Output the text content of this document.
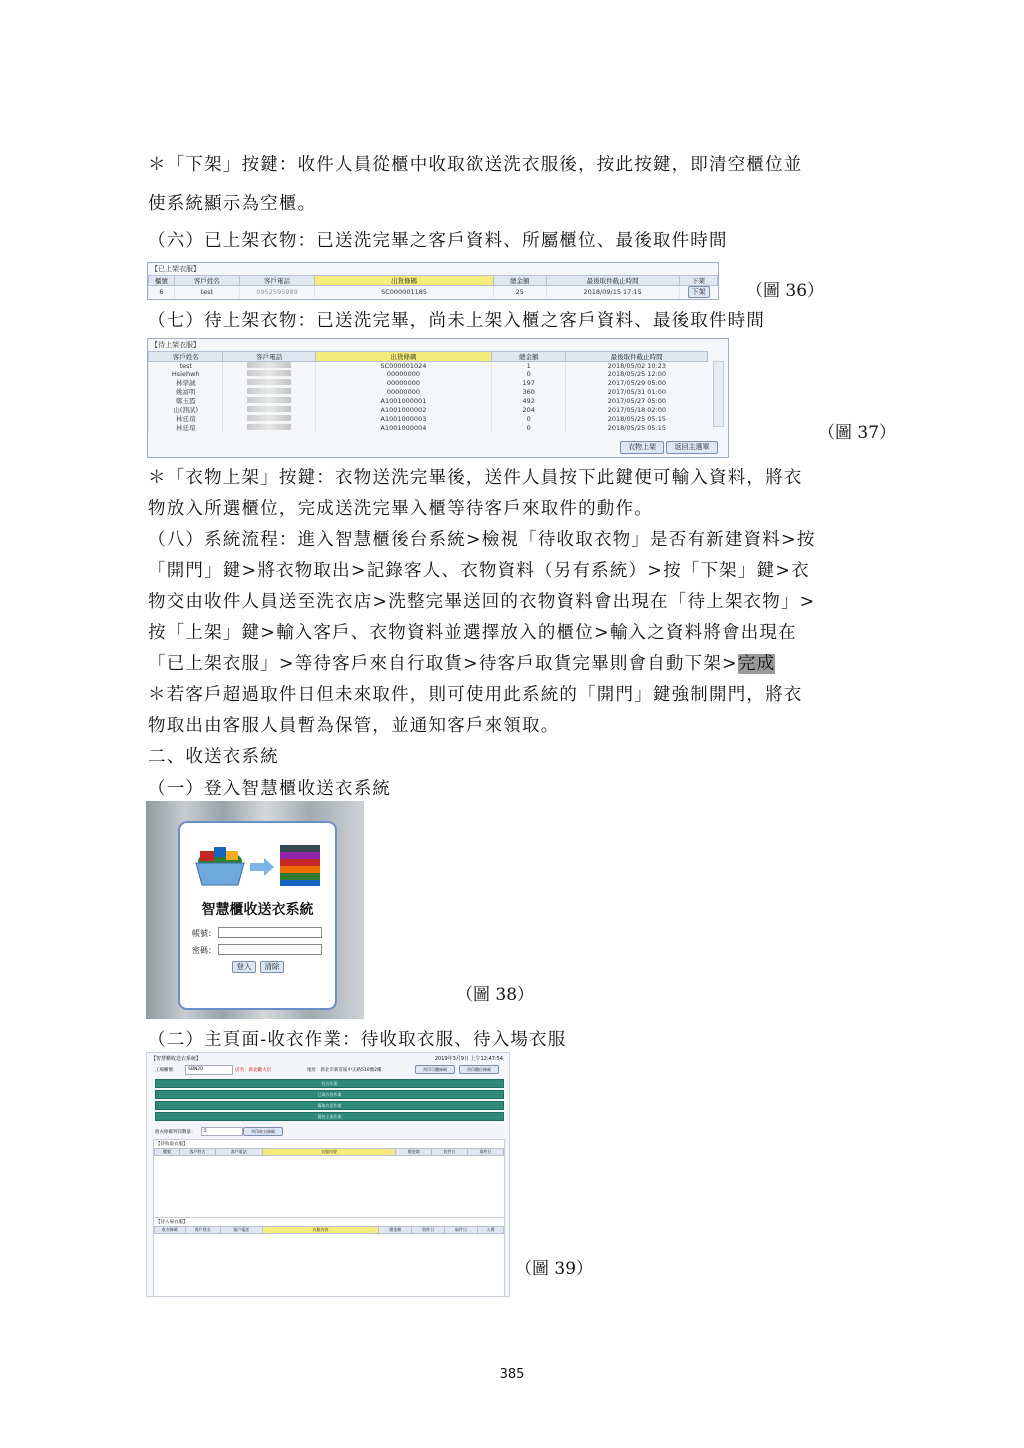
＊「下架」按鍵：收件人員從櫃中收取欲送洗衣服後，按此按鍵，即清空櫃位並
使系統顯示為空櫃。
（六）已上架衣物：已送洗完畢之客戶資料、所屬櫃位、最後取件時間
【已上架衣服】
櫃號	客戶姓名	客戶電話	出貨條碼	總金額	最後取件截止時間	下架
6	test	0952595989	SC000001185	25	2018/09/15 17:15	下架 （圖 36）
（七）待上架衣物：已送洗完畢，尚未上架入櫃之客戶資料、最後取件時間
【待上架衣服】
客戶姓名	客戶電話	出貨條碼	總金額	最後取件截止時間
test		SC000001024	1	2018/05/02 10:23
Hsiehwh		00000000	0	2018/05/25 12:00
林學誠		00000000	197	2017/05/29 05:00
姚富明		00000000	360	2017/05/31 01:00
鄭玉霞		A1001000001	492	2017/05/27 05:00
山(測試)		A1001000002	204	2017/05/18 02:00
林廷瑄		A1001000003	0	2018/05/25 05:15
林廷瑄		A1001000004	0	2018/05/25 05:15
衣物上架	返回主選單
（圖 37）
＊「衣物上架」按鍵：衣物送洗完畢後，送件人員按下此鍵便可輸入資料，將衣
物放入所選櫃位，完成送洗完畢入櫃等待客戶來取件的動作。
（八）系統流程：進入智慧櫃後台系統>檢視「待收取衣物」是否有新建資料>按
「開門」鍵>將衣物取出>記錄客人、衣物資料（另有系統）>按「下架」鍵>衣
物交由收件人員送至洗衣店>洗整完畢送回的衣物資料會出現在「待上架衣物」>
按「上架」鍵>輸入客戶、衣物資料並選擇放入的櫃位>輸入之資料將會出現在
「已上架衣服」>等待客戶來自行取貨>待客戶取貨完畢則會自動下架>完成
＊若客戶超過取件日但未來取件，則可使用此系統的「開門」鍵強制開門，將衣
物取出由客服人員暫為保管，並通知客戶來領取。
二、收送衣系統
（一）登入智慧櫃收送衣系統
智慧櫃收送衣系統
帳號：
密碼：
登入	清除
（圖 38）
（二）主頁面-收衣作業：待收取衣服、待入場衣服
【智慧櫃收送衣系統】	2019年3月9日 上午12:47:54
工場櫃號：	SBN20	店名：新北觀大店	地址：新北市新莊區中正路510號2樓	列印可櫃條碼	列印櫃位條碼
收衣作業
已取衣待作業
擬取衣送作業
擬待上架作業
收衣條碼列印數量：	5	列印收衣條碼
【待收取衣服】
櫃號	客戶姓名	客戶電話	衣服內容	總金額	收件日	取件日
【待入場衣服】
收衣條碼	客戶姓名	客戶電話	衣服內容	總金額	收件日	取件日	入場
（圖 39）
385
